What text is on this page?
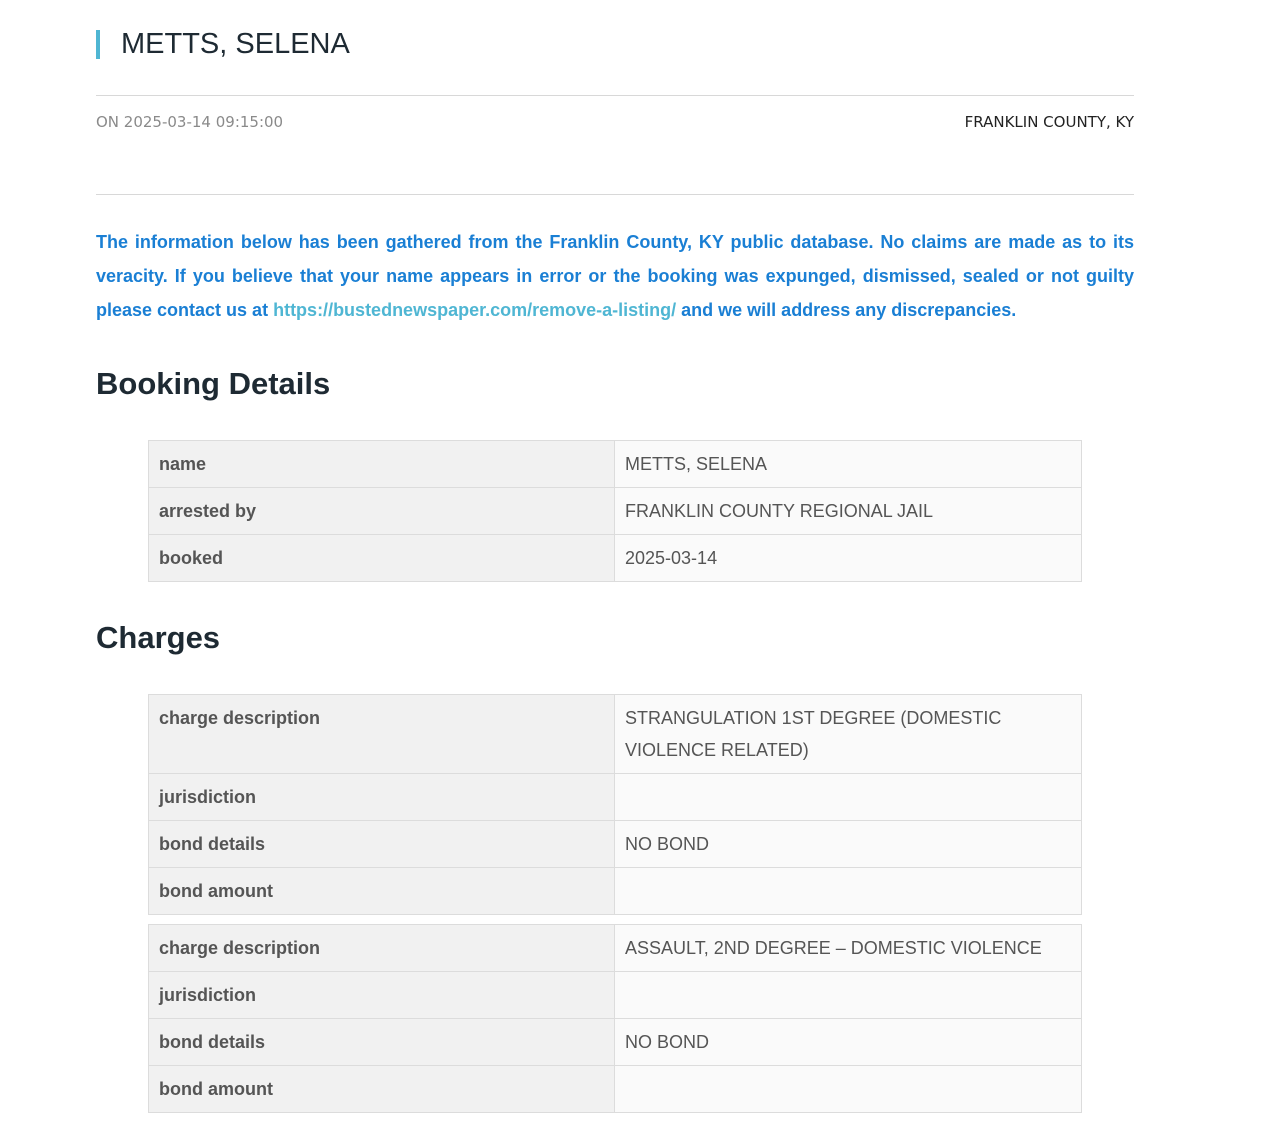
METTS, SELENA
ON 2025-03-14 09:15:00	FRANKLIN COUNTY, KY

The information below has been gathered from the Franklin County, KY public database. No claims are made as to its veracity. If you believe that your name appears in error or the booking was expunged, dismissed, sealed or not guilty please contact us at https://bustednewspaper.com/remove-a-listing/ and we will address any discrepancies.

Booking Details
name	METTS, SELENA
arrested by	FRANKLIN COUNTY REGIONAL JAIL
booked	2025-03-14
Charges
charge description	STRANGULATION 1ST DEGREE (DOMESTIC VIOLENCE RELATED)
jurisdiction	
bond details	NO BOND
bond amount	
charge description	ASSAULT, 2ND DEGREE – DOMESTIC VIOLENCE
jurisdiction	
bond details	NO BOND
bond amount	
